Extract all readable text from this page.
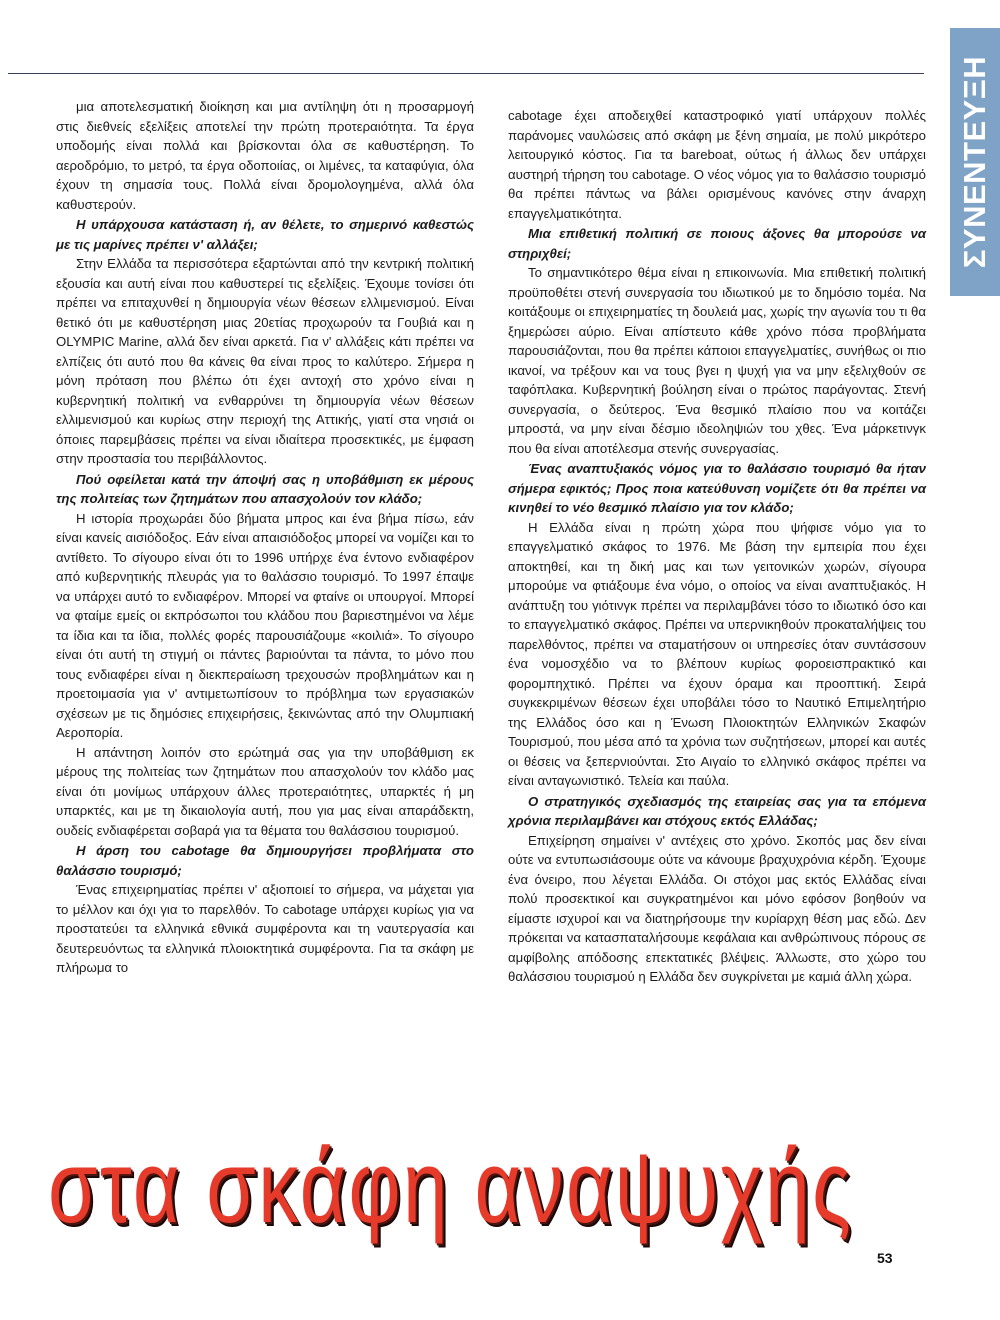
ΣΥΝΕΝΤΕΥΞΗ

μια αποτελεσματική διοίκηση και μια αντίληψη ότι η προσαρμογή στις διεθνείς εξελίξεις αποτελεί την πρώτη προτεραιότητα. Τα έργα υποδομής είναι πολλά και βρίσκονται όλα σε καθυστέρηση. Το αεροδρόμιο, το μετρό, τα έργα οδοποιίας, οι λιμένες, τα καταφύγια, όλα έχουν τη σημασία τους. Πολλά είναι δρομολογημένα, αλλά όλα καθυστερούν.

Η υπάρχουσα κατάσταση ή, αν θέλετε, το σημερινό καθεστώς με τις μαρίνες πρέπει ν' αλλάξει;

Στην Ελλάδα τα περισσότερα εξαρτώνται από την κεντρική πολιτική εξουσία και αυτή είναι που καθυστερεί τις εξελίξεις. Έχουμε τονίσει ότι πρέπει να επιταχυνθεί η δημιουργία νέων θέσεων ελλιμενισμού. Είναι θετικό ότι με καθυστέρηση μιας 20ετίας προχωρούν τα Γουβιά και η OLYMPIC Marine, αλλά δεν είναι αρκετά. Για ν' αλλάξεις κάτι πρέπει να ελπίζεις ότι αυτό που θα κάνεις θα είναι προς το καλύτερο. Σήμερα η μόνη πρόταση που βλέπω ότι έχει αντοχή στο χρόνο είναι η κυβερνητική πολιτική να ενθαρρύνει τη δημιουργία νέων θέσεων ελλιμενισμού και κυρίως στην περιοχή της Αττικής, γιατί στα νησιά οι όποιες παρεμβάσεις πρέπει να είναι ιδιαίτερα προσεκτικές, με έμφαση στην προστασία του περιβάλλοντος.

Πού οφείλεται κατά την άποψή σας η υποβάθμιση εκ μέρους της πολιτείας των ζητημάτων που απασχολούν τον κλάδο;

Η ιστορία προχωράει δύο βήματα μπρος και ένα βήμα πίσω, εάν είναι κανείς αισιόδοξος. Εάν είναι απαισιόδοξος μπορεί να νομίζει και το αντίθετο. Το σίγουρο είναι ότι το 1996 υπήρχε ένα έντονο ενδιαφέρον από κυβερνητικής πλευράς για το θαλάσσιο τουρισμό. Το 1997 έπαψε να υπάρχει αυτό το ενδιαφέρον. Μπορεί να φταίνε οι υπουργοί. Μπορεί να φταίμε εμείς οι εκπρόσωποι του κλάδου που βαριεστημένοι να λέμε τα ίδια και τα ίδια, πολλές φορές παρουσιάζουμε «κοιλιά». Το σίγουρο είναι ότι αυτή τη στιγμή οι πάντες βαριούνται τα πάντα, το μόνο που τους ενδιαφέρει είναι η διεκπεραίωση τρεχουσών προβλημάτων και η προετοιμασία για ν' αντιμετωπίσουν το πρόβλημα των εργασιακών σχέσεων με τις δημόσιες επιχειρήσεις, ξεκινώντας από την Ολυμπιακή Αεροπορία.

Η απάντηση λοιπόν στο ερώτημά σας για την υποβάθμιση εκ μέρους της πολιτείας των ζητημάτων που απασχολούν τον κλάδο μας είναι ότι μονίμως υπάρχουν άλλες προτεραιότητες, υπαρκτές ή μη υπαρκτές, και με τη δικαιολογία αυτή, που για μας είναι απαράδεκτη, ουδείς ενδιαφέρεται σοβαρά για τα θέματα του θαλάσσιου τουρισμού.

Η άρση του cabotage θα δημιουργήσει προβλήματα στο θαλάσσιο τουρισμό;

Ένας επιχειρηματίας πρέπει ν' αξιοποιεί το σήμερα, να μάχεται για το μέλλον και όχι για το παρελθόν. Το cabotage υπάρχει κυρίως για να προστατεύει τα ελληνικά εθνικά συμφέροντα και τη ναυτεργασία και δευτερευόντως τα ελληνικά πλοιοκτητικά συμφέροντα. Για τα σκάφη με πλήρωμα το

cabotage έχει αποδειχθεί καταστροφικό γιατί υπάρχουν πολλές παράνομες ναυλώσεις από σκάφη με ξένη σημαία, με πολύ μικρότερο λειτουργικό κόστος. Για τα bareboat, ούτως ή άλλως δεν υπάρχει αυστηρή τήρηση του cabotage. Ο νέος νόμος για το θαλάσσιο τουρισμό θα πρέπει πάντως να βάλει ορισμένους κανόνες στην άναρχη επαγγελματικότητα.

Μια επιθετική πολιτική σε ποιους άξονες θα μπορούσε να στηριχθεί;

Το σημαντικότερο θέμα είναι η επικοινωνία. Μια επιθετική πολιτική προϋποθέτει στενή συνεργασία του ιδιωτικού με το δημόσιο τομέα. Να κοιτάξουμε οι επιχειρηματίες τη δουλειά μας, χωρίς την αγωνία του τι θα ξημερώσει αύριο. Είναι απίστευτο κάθε χρόνο πόσα προβλήματα παρουσιάζονται, που θα πρέπει κάποιοι επαγγελματίες, συνήθως οι πιο ικανοί, να τρέξουν και να τους βγει η ψυχή για να μην εξελιχθούν σε ταφόπλακα. Κυβερνητική βούληση είναι ο πρώτος παράγοντας. Στενή συνεργασία, ο δεύτερος. Ένα θεσμικό πλαίσιο που να κοιτάζει μπροστά, να μην είναι δέσμιο ιδεοληψιών του χθες. Ένα μάρκετινγκ που θα είναι αποτέλεσμα στενής συνεργασίας.

Ένας αναπτυξιακός νόμος για το θαλάσσιο τουρισμό θα ήταν σήμερα εφικτός; Προς ποια κατεύθυνση νομίζετε ότι θα πρέπει να κινηθεί το νέο θεσμικό πλαίσιο για τον κλάδο;

Η Ελλάδα είναι η πρώτη χώρα που ψήφισε νόμο για το επαγγελματικό σκάφος το 1976. Με βάση την εμπειρία που έχει αποκτηθεί, και τη δική μας και των γειτονικών χωρών, σίγουρα μπορούμε να φτιάξουμε ένα νόμο, ο οποίος να είναι αναπτυξιακός. Η ανάπτυξη του γιότινγκ πρέπει να περιλαμβάνει τόσο το ιδιωτικό όσο και το επαγγελματικό σκάφος. Πρέπει να υπερνικηθούν προκαταλήψεις του παρελθόντος, πρέπει να σταματήσουν οι υπηρεσίες όταν συντάσσουν ένα νομοσχέδιο να το βλέπουν κυρίως φοροεισπρακτικό και φορομπηχτικό. Πρέπει να έχουν όραμα και προοπτική. Σειρά συγκεκριμένων θέσεων έχει υποβάλει τόσο το Ναυτικό Επιμελητήριο της Ελλάδος όσο και η Ένωση Πλοιοκτητών Ελληνικών Σκαφών Τουρισμού, που μέσα από τα χρόνια των συζητήσεων, μπορεί και αυτές οι θέσεις να ξεπερνιούνται. Στο Αιγαίο το ελληνικό σκάφος πρέπει να είναι ανταγωνιστικό. Τελεία και παύλα.

Ο στρατηγικός σχεδιασμός της εταιρείας σας για τα επόμενα χρόνια περιλαμβάνει και στόχους εκτός Ελλάδας;

Επιχείρηση σημαίνει ν' αντέχεις στο χρόνο. Σκοπός μας δεν είναι ούτε να εντυπωσιάσουμε ούτε να κάνουμε βραχυχρόνια κέρδη. Έχουμε ένα όνειρο, που λέγεται Ελλάδα. Οι στόχοι μας εκτός Ελλάδας είναι πολύ προσεκτικοί και συγκρατημένοι και μόνο εφόσον βοηθούν να είμαστε ισχυροί και να διατηρήσουμε την κυρίαρχη θέση μας εδώ. Δεν πρόκειται να κατασπαταλήσουμε κεφάλαια και ανθρώπινους πόρους σε αμφίβολης απόδοσης επεκτατικές βλέψεις. Άλλωστε, στο χώρο του θαλάσσιου τουρισμού η Ελλάδα δεν συγκρίνεται με καμιά άλλη χώρα.

στα σκάφη αναψυχής
53
